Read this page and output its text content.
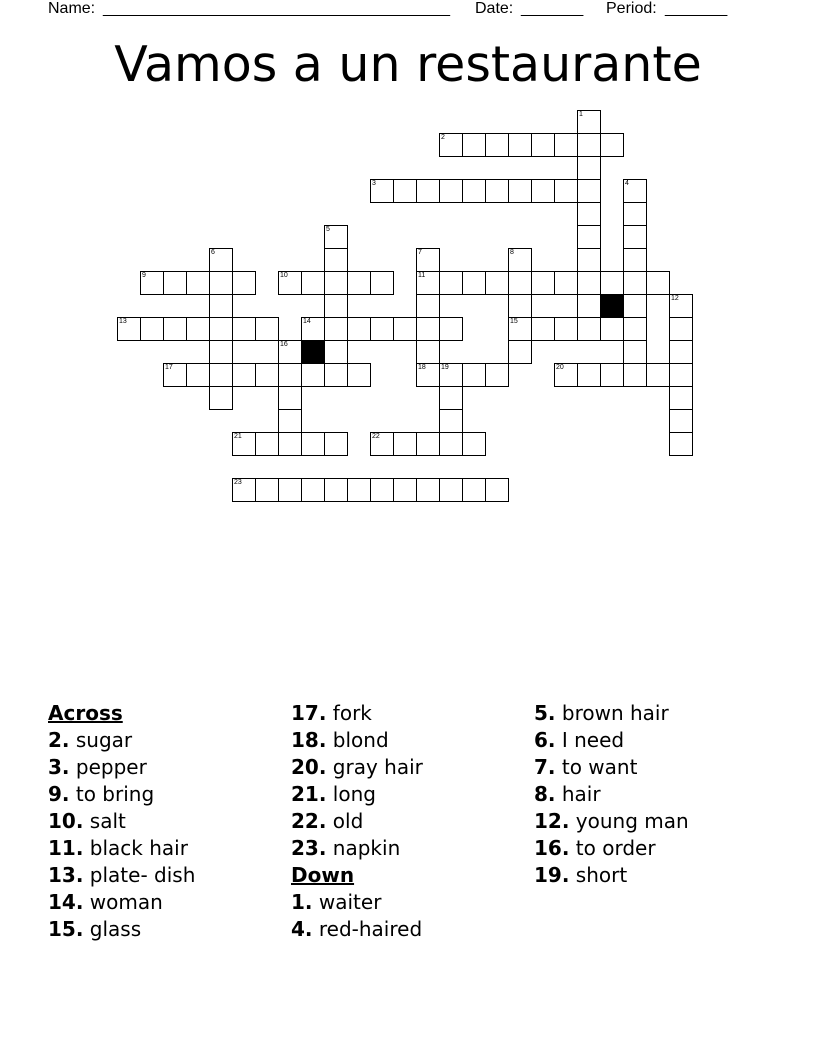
Name: _______________________________________ Date: _______ Period: _______
Vamos a un restaurante
1
2
3	4
5
6	7	8
9	10	11
12
13	14	15
16
17	18 19	20
21	22
23
Across
2. sugar
3. pepper
9. to bring
10. salt
11. black hair
13. plate- dish
14. woman
15. glass
17. fork
18. blond
20. gray hair
21. long
22. old
23. napkin
Down
1. waiter
4. red-haired
5. brown hair
6. I need
7. to want
8. hair
12. young man
16. to order
19. short
